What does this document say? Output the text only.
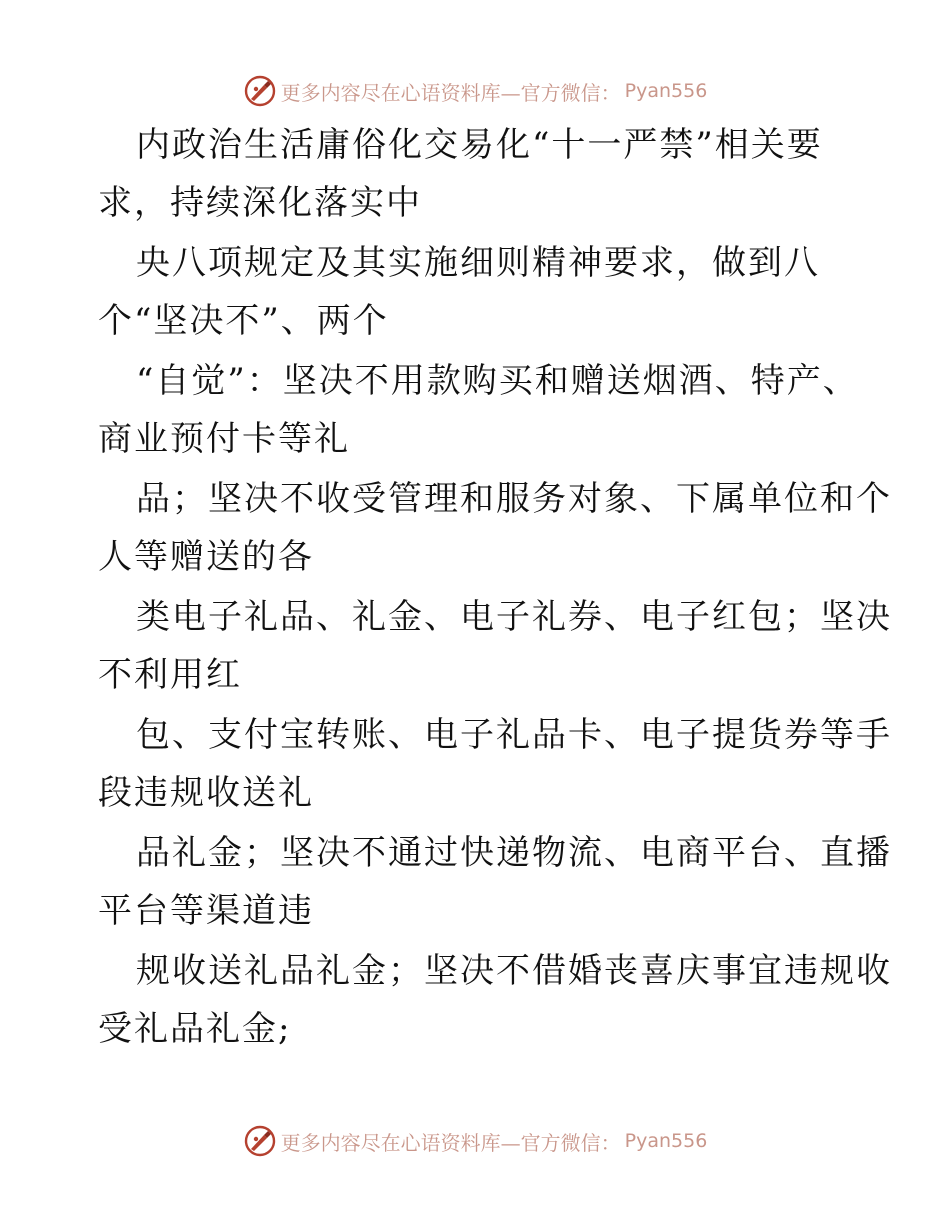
更多内容尽在心语资料库—官方微信： Pyan556
内政治生活庸俗化交易化“十一严禁”相关要
求，持续深化落实中
央八项规定及其实施细则精神要求，做到八
个“坚决不”、两个
“自觉”：坚决不用款购买和赠送烟酒、特产、
商业预付卡等礼
品；坚决不收受管理和服务对象、下属单位和个
人等赠送的各
类电子礼品、礼金、电子礼券、电子红包；坚决
不利用红
包、支付宝转账、电子礼品卡、电子提货券等手
段违规收送礼
品礼金；坚决不通过快递物流、电商平台、直播
平台等渠道违
规收送礼品礼金；坚决不借婚丧喜庆事宜违规收
受礼品礼金;
更多内容尽在心语资料库—官方微信： Pyan556
